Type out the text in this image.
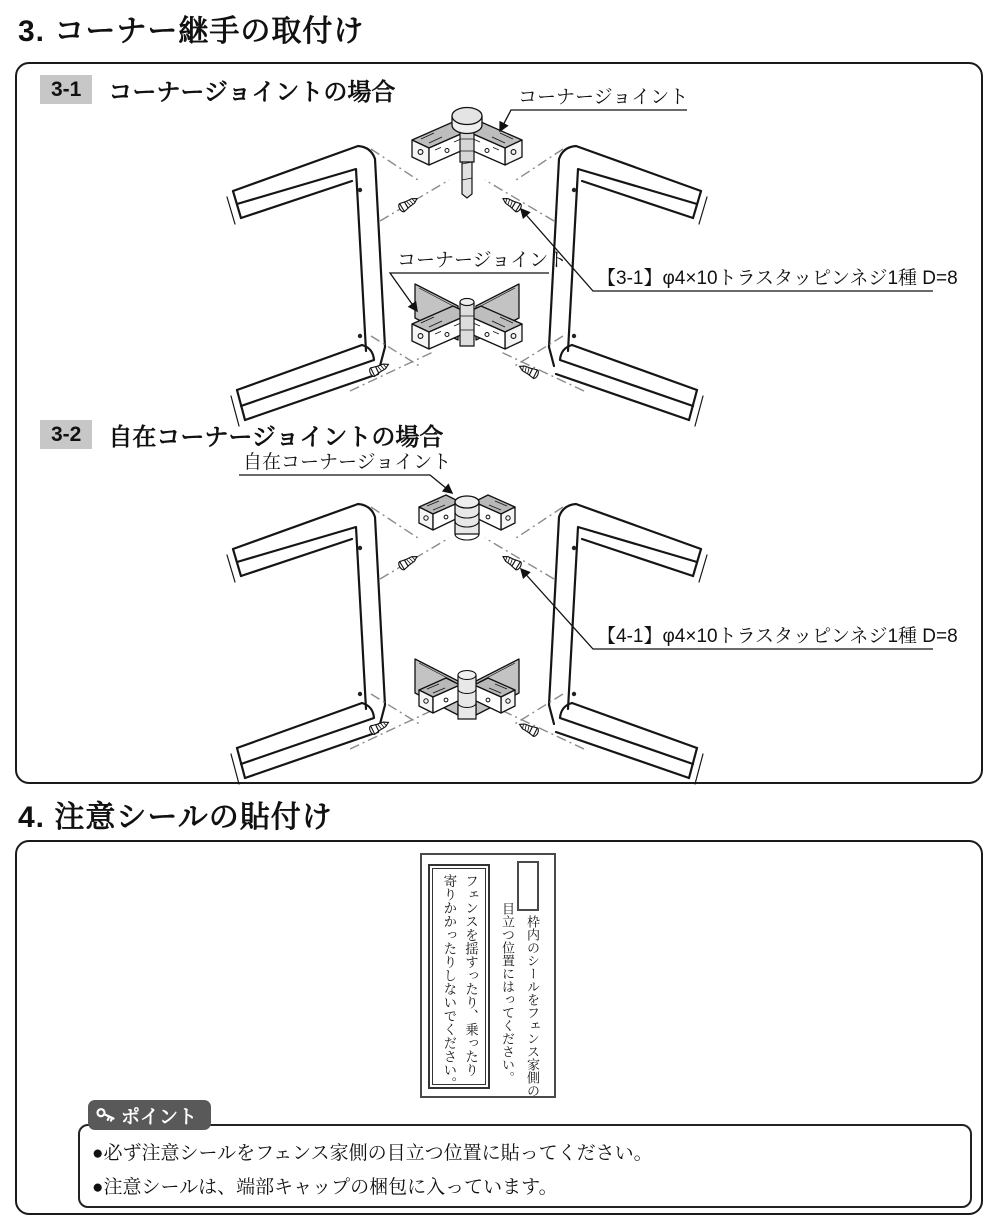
3. コーナー継手の取付け
3-1	コーナージョイントの場合	コーナージョイント
コーナージョイント
【3-1】φ4×10トラスタッピンネジ1種 D=8
3-2	自在コーナージョイントの場合
自在コーナージョイント
【4-1】φ4×10トラスタッピンネジ1種 D=8
4. 注意シールの貼付け
枠内のシールをフェンス家側の
目立つ位置にはってください。
フェンスを揺すったり、乗ったり
寄りかかったりしないでください。
ポイント
●必ず注意シールをフェンス家側の目立つ位置に貼ってください。
●注意シールは、端部キャップの梱包に入っています。
